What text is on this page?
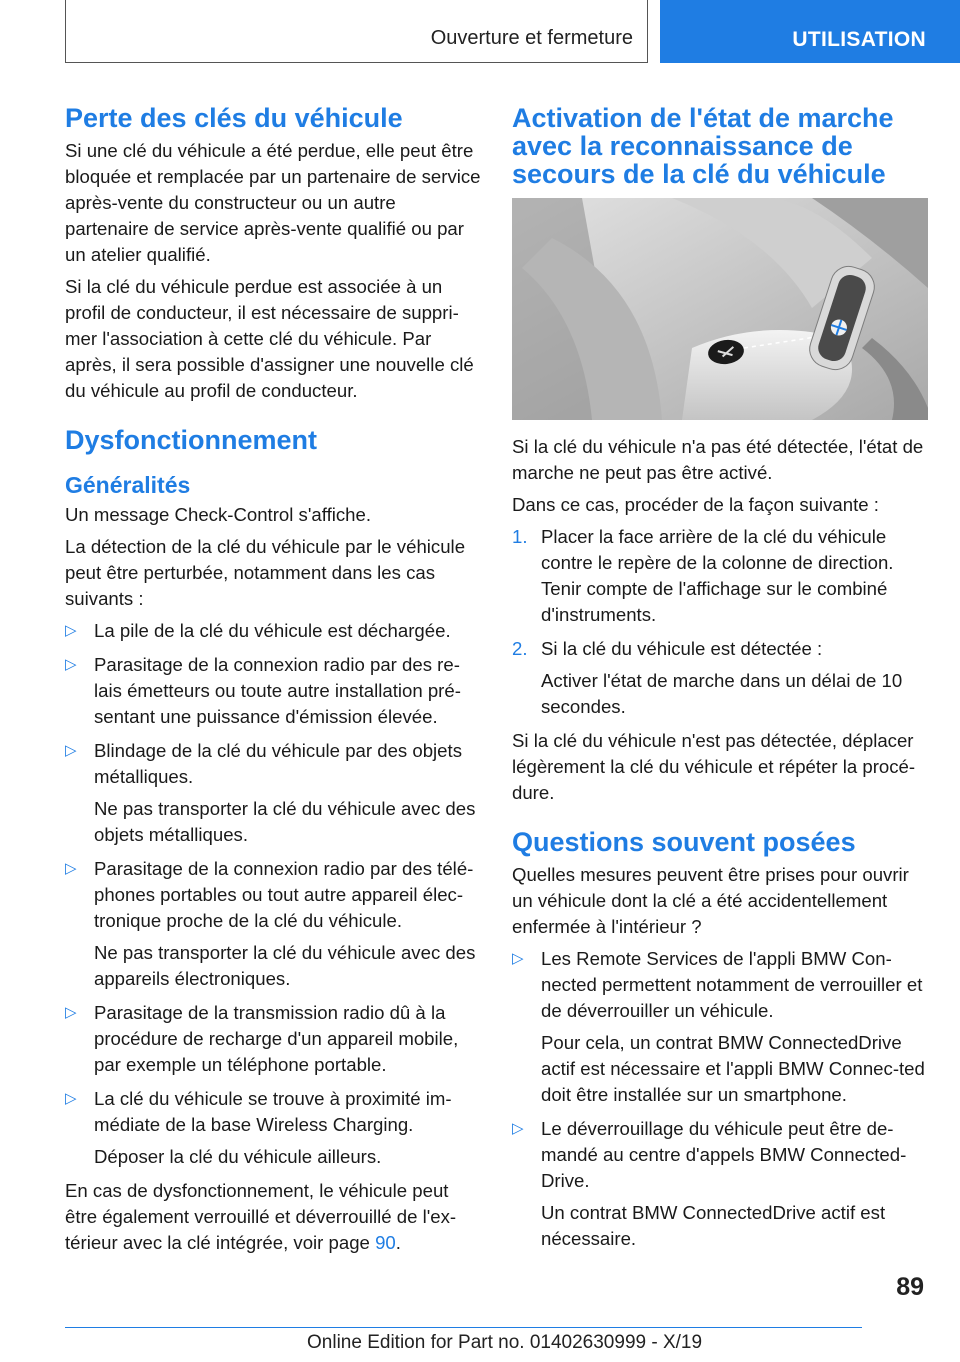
Ouverture et fermeture	UTILISATION
Perte des clés du véhicule

Si une clé du véhicule a été perdue, elle peut être bloquée et remplacée par un partenaire de service après-vente du constructeur ou un autre partenaire de service après-vente qualifié ou par un atelier qualifié.

Si la clé du véhicule perdue est associée à un profil de conducteur, il est nécessaire de suppri-mer l'association à cette clé du véhicule. Par après, il sera possible d'assigner une nouvelle clé du véhicule au profil de conducteur.

Dysfonctionnement
Généralités

Un message Check-Control s'affiche.

La détection de la clé du véhicule par le véhicule peut être perturbée, notamment dans les cas suivants :

▷ La pile de la clé du véhicule est déchargée.
▷ Parasitage de la connexion radio par des re-lais émetteurs ou toute autre installation pré-sentant une puissance d'émission élevée.
▷ Blindage de la clé du véhicule par des objets métalliques.

Ne pas transporter la clé du véhicule avec des objets métalliques.

▷ Parasitage de la connexion radio par des télé-phones portables ou tout autre appareil élec-tronique proche de la clé du véhicule.

Ne pas transporter la clé du véhicule avec des appareils électroniques.

▷ Parasitage de la transmission radio dû à la procédure de recharge d'un appareil mobile, par exemple un téléphone portable.
▷ La clé du véhicule se trouve à proximité im-médiate de la base Wireless Charging.

Déposer la clé du véhicule ailleurs.

En cas de dysfonctionnement, le véhicule peut être également verrouillé et déverrouillé de l'ex-térieur avec la clé intégrée, voir page 90.

Activation de l'état de marche avec la reconnaissance de secours de la clé du véhicule

Si la clé du véhicule n'a pas été détectée, l'état de marche ne peut pas être activé.

Dans ce cas, procéder de la façon suivante :

1. Placer la face arrière de la clé du véhicule contre le repère de la colonne de direction. Tenir compte de l'affichage sur le combiné d'instruments.
2. Si la clé du véhicule est détectée :

Activer l'état de marche dans un délai de 10 secondes.

Si la clé du véhicule n'est pas détectée, déplacer légèrement la clé du véhicule et répéter la procé-dure.

Questions souvent posées

Quelles mesures peuvent être prises pour ouvrir un véhicule dont la clé a été accidentellement enfermée à l'intérieur ?

▷ Les Remote Services de l'appli BMW Con-nected permettent notamment de verrouiller et de déverrouiller un véhicule.

Pour cela, un contrat BMW ConnectedDrive actif est nécessaire et l'appli BMW Connec-ted doit être installée sur un smartphone.

▷ Le déverrouillage du véhicule peut être de-mandé au centre d'appels BMW Connected-Drive.

Un contrat BMW ConnectedDrive actif est nécessaire.

89
Online Edition for Part no. 01402630999 - X/19
